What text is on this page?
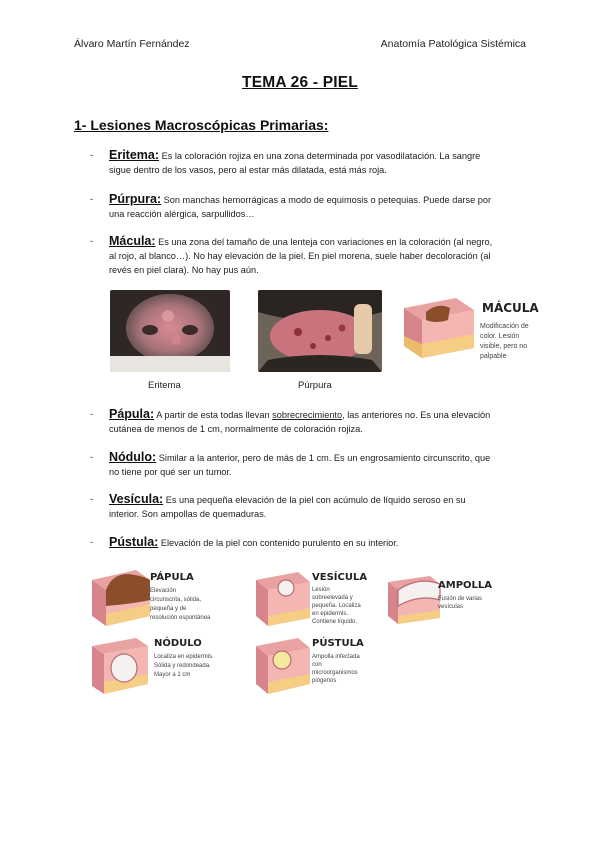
Álvaro Martín Fernández	Anatomía Patológica Sistémica
TEMA 26 - PIEL
1- Lesiones Macroscópicas Primarias:
- Eritema: Es la coloración rojiza en una zona determinada por vasodilatación. La sangre
sigue dentro de los vasos, pero al estar más dilatada, está más roja.
- Púrpura: Son manchas hemorrágicas a modo de equimosis o petequias. Puede darse por
una reacción alérgica, sarpullidos…
- Mácula: Es una zona del tamaño de una lenteja con variaciones en la coloración (al negro,
al rojo, al blanco…). No hay elevación de la piel. En piel morena, suele haber decoloración (al
revés en piel clara). No hay pus aún.
Eritema	Púrpura
MÁCULA
Modificación de
color. Lesión
visible, pero no
palpable
- Pápula: A partir de esta todas llevan sobrecrecimiento, las anteriores no. Es una elevación
cutánea de menos de 1 cm, normalmente de coloración rojiza.
- Nódulo: Similar a la anterior, pero de más de 1 cm. Es un engrosamiento circunscrito, que
no tiene por qué ser un tumor.
- Vesícula: Es una pequeña elevación de la piel con acúmulo de líquido seroso en su
interior. Son ampollas de quemaduras.
- Pústula: Elevación de la piel con contenido purulento en su interior.
PÁPULA
Elevación
circunscrita, sólida,
pequeña y de
resolución espontánea
VESÍCULA
Lesión
sobreelevada y
pequeña. Localiza
en epidermis.
Contiene líquido.
AMPOLLA
Fusión de varias
vesículas
NÓDULO
Localiza en epidermis.
Sólida y redondeada.
Mayor a 1 cm
PÚSTULA
Ampolla infectada
con
microorganismos
piógenos
